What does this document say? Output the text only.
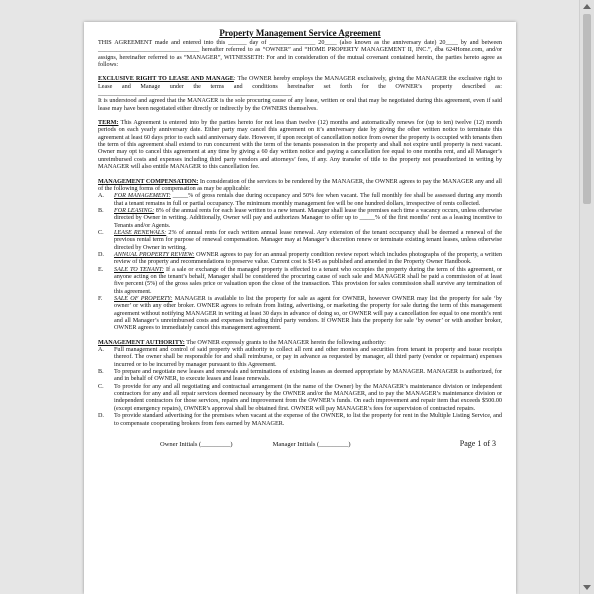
Property Management Service Agreement

THIS AGREEMENT made and entered into this ______ day of _______________ 20____ (also known as the anniversary date) 20____ by and between _________________________________ hereafter referred to as “OWNER” and “HOME PROPERTY MANAGEMENT II, INC.”, dba 624Home.com, and/or assigns, hereinafter referred to as “MANAGER”, WITNESSETH: For and in consideration of the mutual covenant contained herein, the parties hereto agree as follows:

EXCLUSIVE RIGHT TO LEASE AND MANAGE: The OWNER hereby employs the MANAGER exclusively, giving the MANAGER the exclusive right to Lease and Manage under the terms and conditions hereinafter set forth for the OWNER’s property described as: _______________________________________________________________

It is understood and agreed that the MANAGER is the sole procuring cause of any lease, written or oral that may be negotiated during this agreement, even if said lease may have been negotiated either directly or indirectly by the OWNERS themselves.

TERM: This Agreement is entered into by the parties hereto for not less than twelve (12) months and automatically renews for (up to ten) twelve (12) month periods on each yearly anniversary date. Either party may cancel this agreement on it’s anniversary date by giving the other written notice to terminate this agreement at least 60 days prior to each said anniversary date. However, if upon receipt of cancellation notice from owner the property is occupied with tenants then the term of this agreement shall extend to run concurrent with the term of the tenants possession in the property and shall not expire until property is next vacant. Owner may opt to cancel this agreement at any time by giving a 60 day written notice and paying a cancellation fee equal to one months rent, and all Manager’s unreimbursed costs and expenses including third party vendors and attorneys’ fees, if any. Any transfer of title to the property not preauthorized in writing by MANAGER will also entitle MANAGER to this cancellation fee.

MANAGEMENT COMPENSATION: In consideration of the services to be rendered by the MANAGER, the OWNER agrees to pay the MANAGER any and all of the following forms of compensation as may be applicable:

A.	FOR MANAGEMENT: _____% of gross rentals due during occupancy and 50% fee when vacant. The full monthly fee shall be assessed during any month that a tenant remains in full or partial occupancy. The minimum monthly management fee will be one hundred dollars, irrespective of rents collected.

B.	FOR LEASING: 8% of the annual rents for each lease written to a new tenant. Manager shall lease the premises each time a vacancy occurs, unless otherwise directed by Owner in writing. Additionally, Owner will pay and authorizes Manager to offer up to _____% of the first months’ rent as a leasing incentive to Tenants and/or Agents.

C.	LEASE RENEWALS: 2% of annual rents for each written annual lease renewal. Any extension of the tenant occupancy shall be deemed a renewal of the previous rental term for purpose of renewal compensation. Manager may at Manager’s discretion renew or terminate existing tenant leases, unless otherwise directed by Owner in writing.

D.	ANNUAL PROPERTY REVIEW: OWNER agrees to pay for an annual property condition review report which includes photographs of the property, a written review of the property and recommendations to preserve value. Current cost is $145 as published and amended in the Property Owner Handbook.

E.	SALE TO TENANT: If a sale or exchange of the managed property is effected to a tenant who occupies the property during the term of this agreement, or anyone acting on the tenant’s behalf, Manager shall be considered the procuring cause of such sale and MANAGER shall be paid a commission of at least five percent (5%) of the gross sales price or valuation upon the close of the transaction. This provision for sales commission shall survive any termination of this agreement.

F.	SALE OF PROPERTY: MANAGER is available to list the property for sale as agent for OWNER, however OWNER may list the property for sale ‘by owner’ or with any other broker. OWNER agrees to refrain from listing, advertising, or marketing the property for sale during the term of this management agreement without notifying MANAGER in writing at least 30 days in advance of doing so, or OWNER will pay a cancellation fee equal to one month’s rent and all Manager’s unreimbursed costs and expenses including third party vendors. If OWNER lists the property for sale ‘by owner’ or with another broker, OWNER agrees to immediately cancel this management agreement.

MANAGEMENT AUTHORITY: The OWNER expressly grants to the MANAGER herein the following authority:

A.	Full management and control of said property with authority to collect all rent and other monies and securities from tenant in property and issue receipts thereof. The owner shall be responsible for and shall reimburse, or pay in advance as requested by manager, all third party (vendor or repairman) expenses incurred or to be incurred by manager pursuant to this Agreement.

B.	To prepare and negotiate new leases and renewals and terminations of existing leases as deemed appropriate by MANAGER. MANAGER is authorized, for and in behalf of OWNER, to execute leases and lease renewals.

C.	To provide for any and all negotiating and contractual arrangement (in the name of the Owner) by the MANAGER’s maintenance division or independent contractors for any and all repair services deemed necessary by the OWNER and/or the MANAGER, and to pay the MANAGER’s maintenance division or independent contractors for those services, repairs and improvement from the OWNER’s funds. On each improvement and repair item that exceeds $500.00 (except emergency repairs), OWNER’s approval shall be obtained first. OWNER will pay MANAGER’s fees for supervision of contracted repairs.

D.	To provide standard advertising for the premises when vacant at the expense of the OWNER, to list the property for rent in the Multiple Listing Service, and to compensate cooperating brokers from fees earned by MANAGER.

Owner Initials (_________)	Manager Initials (_________)	Page 1 of 3
